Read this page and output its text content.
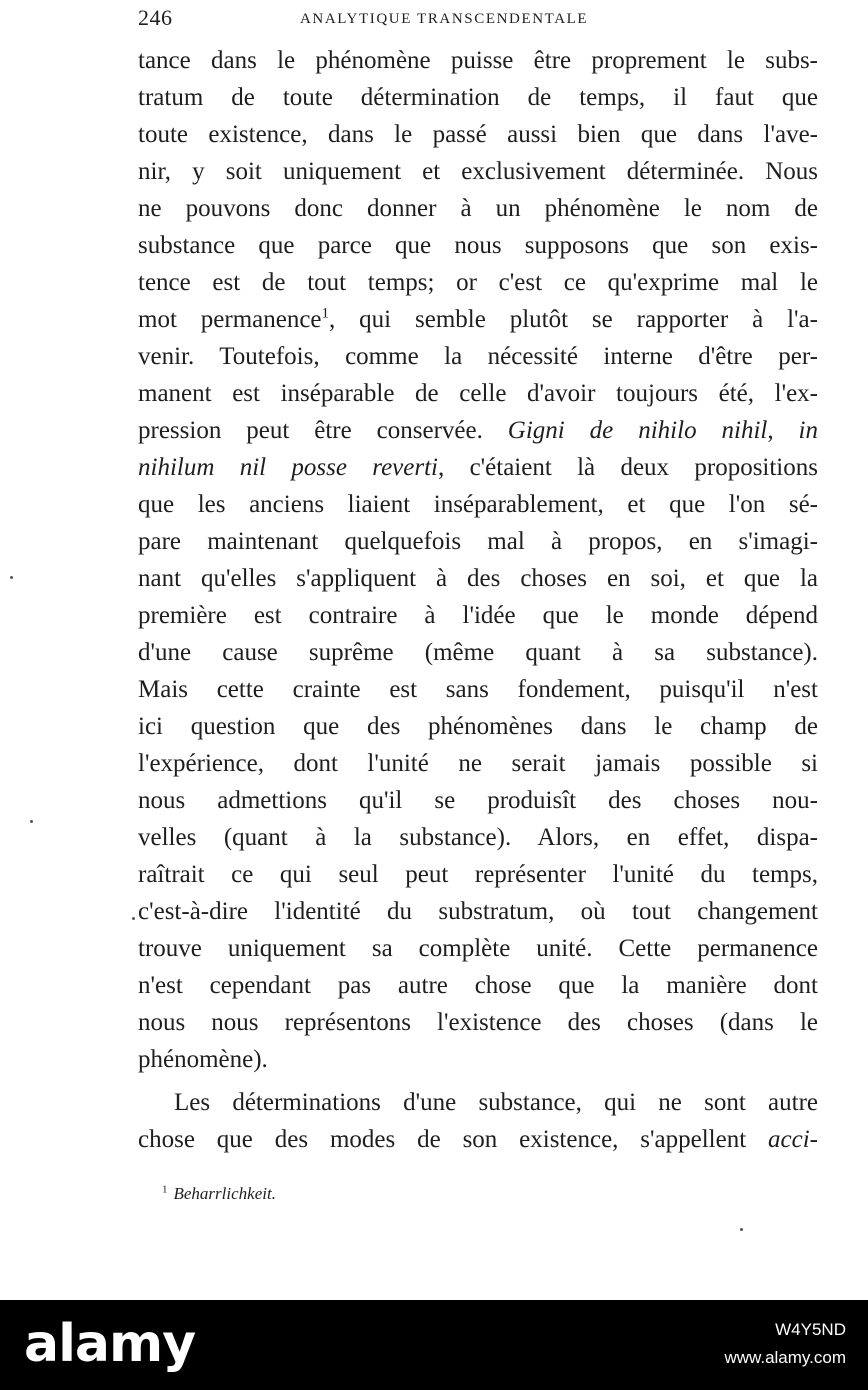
246	ANALYTIQUE TRANSCENDENTALE
tance dans le phénomène puisse être proprement le subs-
tratum de toute détermination de temps, il faut que
toute existence, dans le passé aussi bien que dans l'ave-
nir, y soit uniquement et exclusivement déterminée. Nous
ne pouvons donc donner à un phénomène le nom de
substance que parce que nous supposons que son exis-
tence est de tout temps; or c'est ce qu'exprime mal le
mot permanence$^1$, qui semble plutôt se rapporter à l'a-
venir. Toutefois, comme la nécessité interne d'être per-
manent est inséparable de celle d'avoir toujours été, l'ex-
pression peut être conservée. Gigni de nihilo nihil, in
nihilum nil posse reverti, c'étaient là deux propositions
que les anciens liaient inséparablement, et que l'on sé-
pare maintenant quelquefois mal à propos, en s'imagi-
nant qu'elles s'appliquent à des choses en soi, et que la
première est contraire à l'idée que le monde dépend
d'une cause suprême (même quant à sa substance).
Mais cette crainte est sans fondement, puisqu'il n'est
ici question que des phénomènes dans le champ de
l'expérience, dont l'unité ne serait jamais possible si
nous admettions qu'il se produisît des choses nou-
velles (quant à la substance). Alors, en effet, dispa-
raîtrait ce qui seul peut représenter l'unité du temps,
c'est-à-dire l'identité du substratum, où tout changement
trouve uniquement sa complète unité. Cette permanence
n'est cependant pas autre chose que la manière dont
nous nous représentons l'existence des choses (dans le
phénomène).
Les déterminations d'une substance, qui ne sont autre
chose que des modes de son existence, s'appellent acci-
$^1$ Beharrlichkeit.
alamy	W4Y5ND
www.alamy.com
